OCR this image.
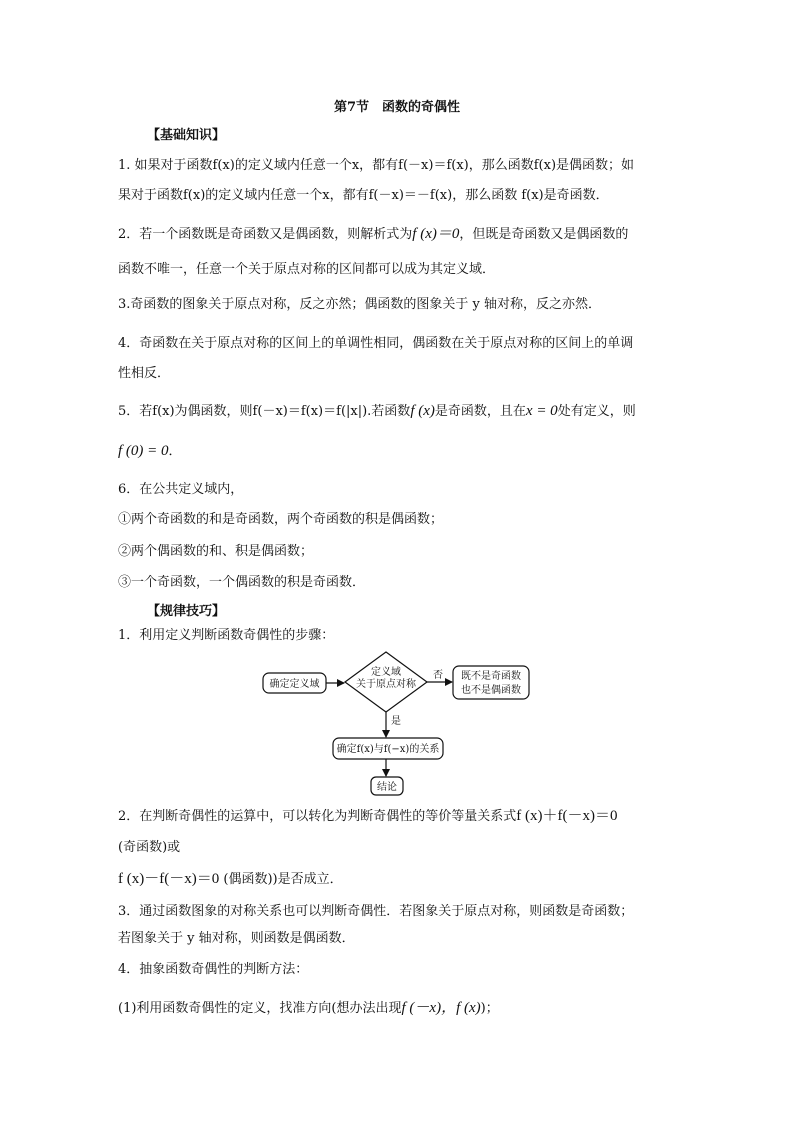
第7节　函数的奇偶性
【基础知识】
1. 如果对于函数f(x)的定义域内任意一个x，都有f(－x)＝f(x)，那么函数f(x)是偶函数；如
果对于函数f(x)的定义域内任意一个x，都有f(－x)＝－f(x)，那么函数 f(x)是奇函数．
2．若一个函数既是奇函数又是偶函数，则解析式为f (x)＝0，但既是奇函数又是偶函数的
函数不唯一，任意一个关于原点对称的区间都可以成为其定义域．
3.奇函数的图象关于原点对称，反之亦然；偶函数的图象关于 y 轴对称，反之亦然．
4．奇函数在关于原点对称的区间上的单调性相同，偶函数在关于原点对称的区间上的单调
性相反．
5．若f(x)为偶函数，则f(－x)＝f(x)＝f(|x|).若函数f (x)是奇函数，且在x = 0处有定义，则
f (0) = 0．
6．在公共定义域内，
①两个奇函数的和是奇函数，两个奇函数的积是偶函数；
②两个偶函数的和、积是偶函数；
③一个奇函数，一个偶函数的积是奇函数．
【规律技巧】
1．利用定义判断函数奇偶性的步骤：
确定定义域
定义域
关于原点对称
否 既不是奇函数
也不是偶函数
是
确定f(x)与f(−x)的关系
结论
2．在判断奇偶性的运算中，可以转化为判断奇偶性的等价等量关系式f (x)＋f(－x)＝0
(奇函数)或
f (x)－f(－x)＝0 (偶函数))是否成立．
3．通过函数图象的对称关系也可以判断奇偶性．若图象关于原点对称，则函数是奇函数；
若图象关于 y 轴对称，则函数是偶函数．
4．抽象函数奇偶性的判断方法：
(1)利用函数奇偶性的定义，找准方向(想办法出现f (－x)，f (x))；
